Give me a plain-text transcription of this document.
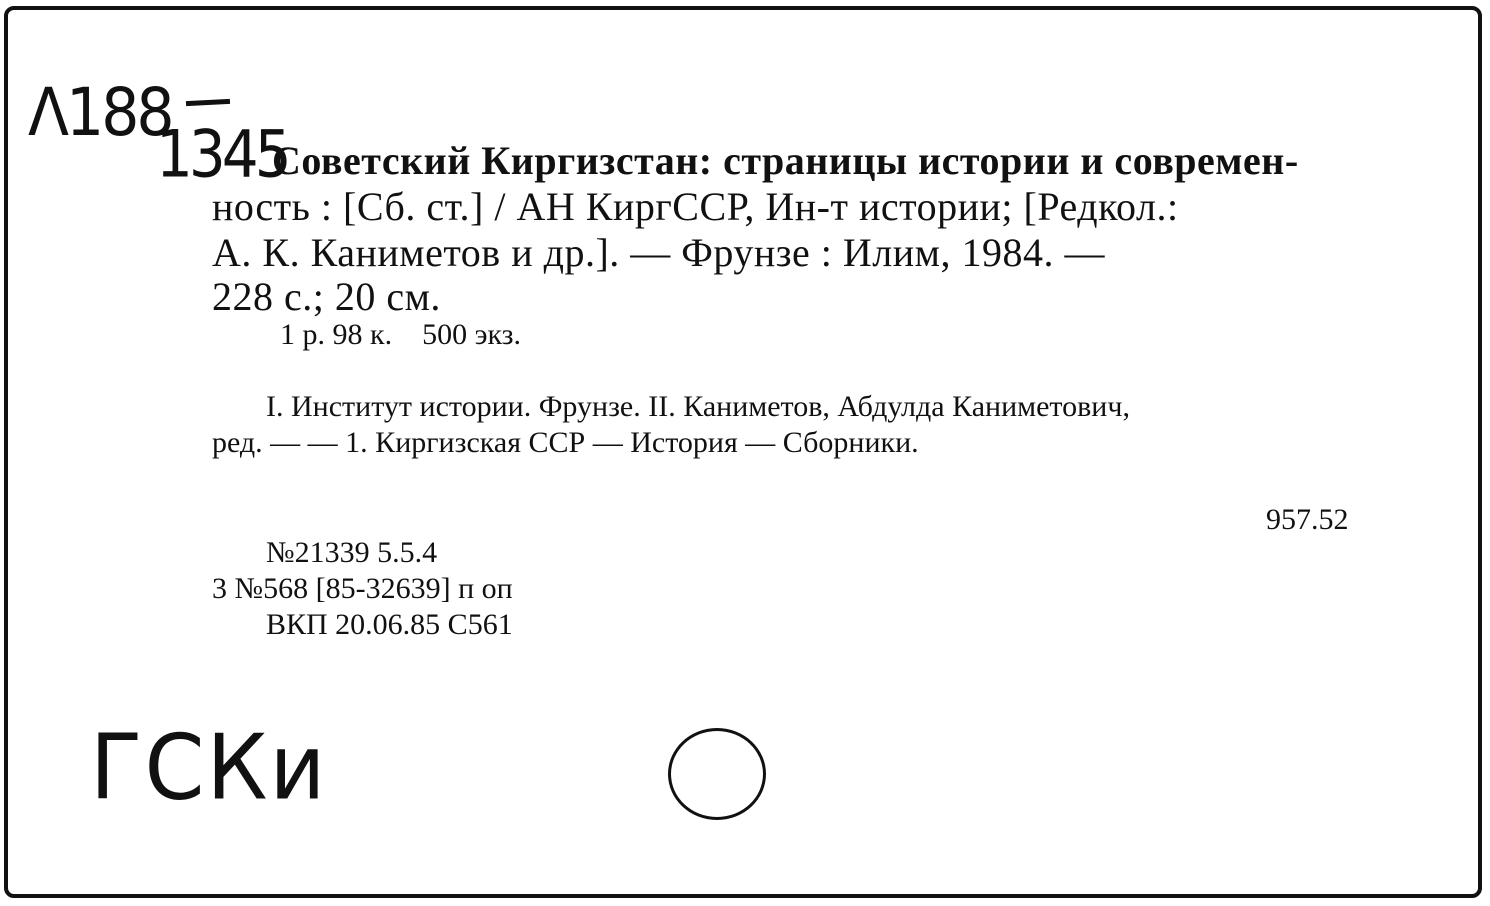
Λ188
1345
Советский Киргизстан: страницы истории и современ-
ность : [Сб. ст.] / АН КиргССР, Ин-т истории; [Редкол.:
А. К. Каниметов и др.]. — Фрунзе : Илим, 1984. —
228 с.; 20 см.
1 р. 98 к.    500 экз.
I. Институт истории. Фрунзе. II. Каниметов, Абдулда Каниметович,
ред. — — 1. Киргизская ССР — История — Сборники.
957.52
№21339 5.5.4
3 №568 [85-32639] п оп
ВКП 20.06.85 С561
ГСКи
